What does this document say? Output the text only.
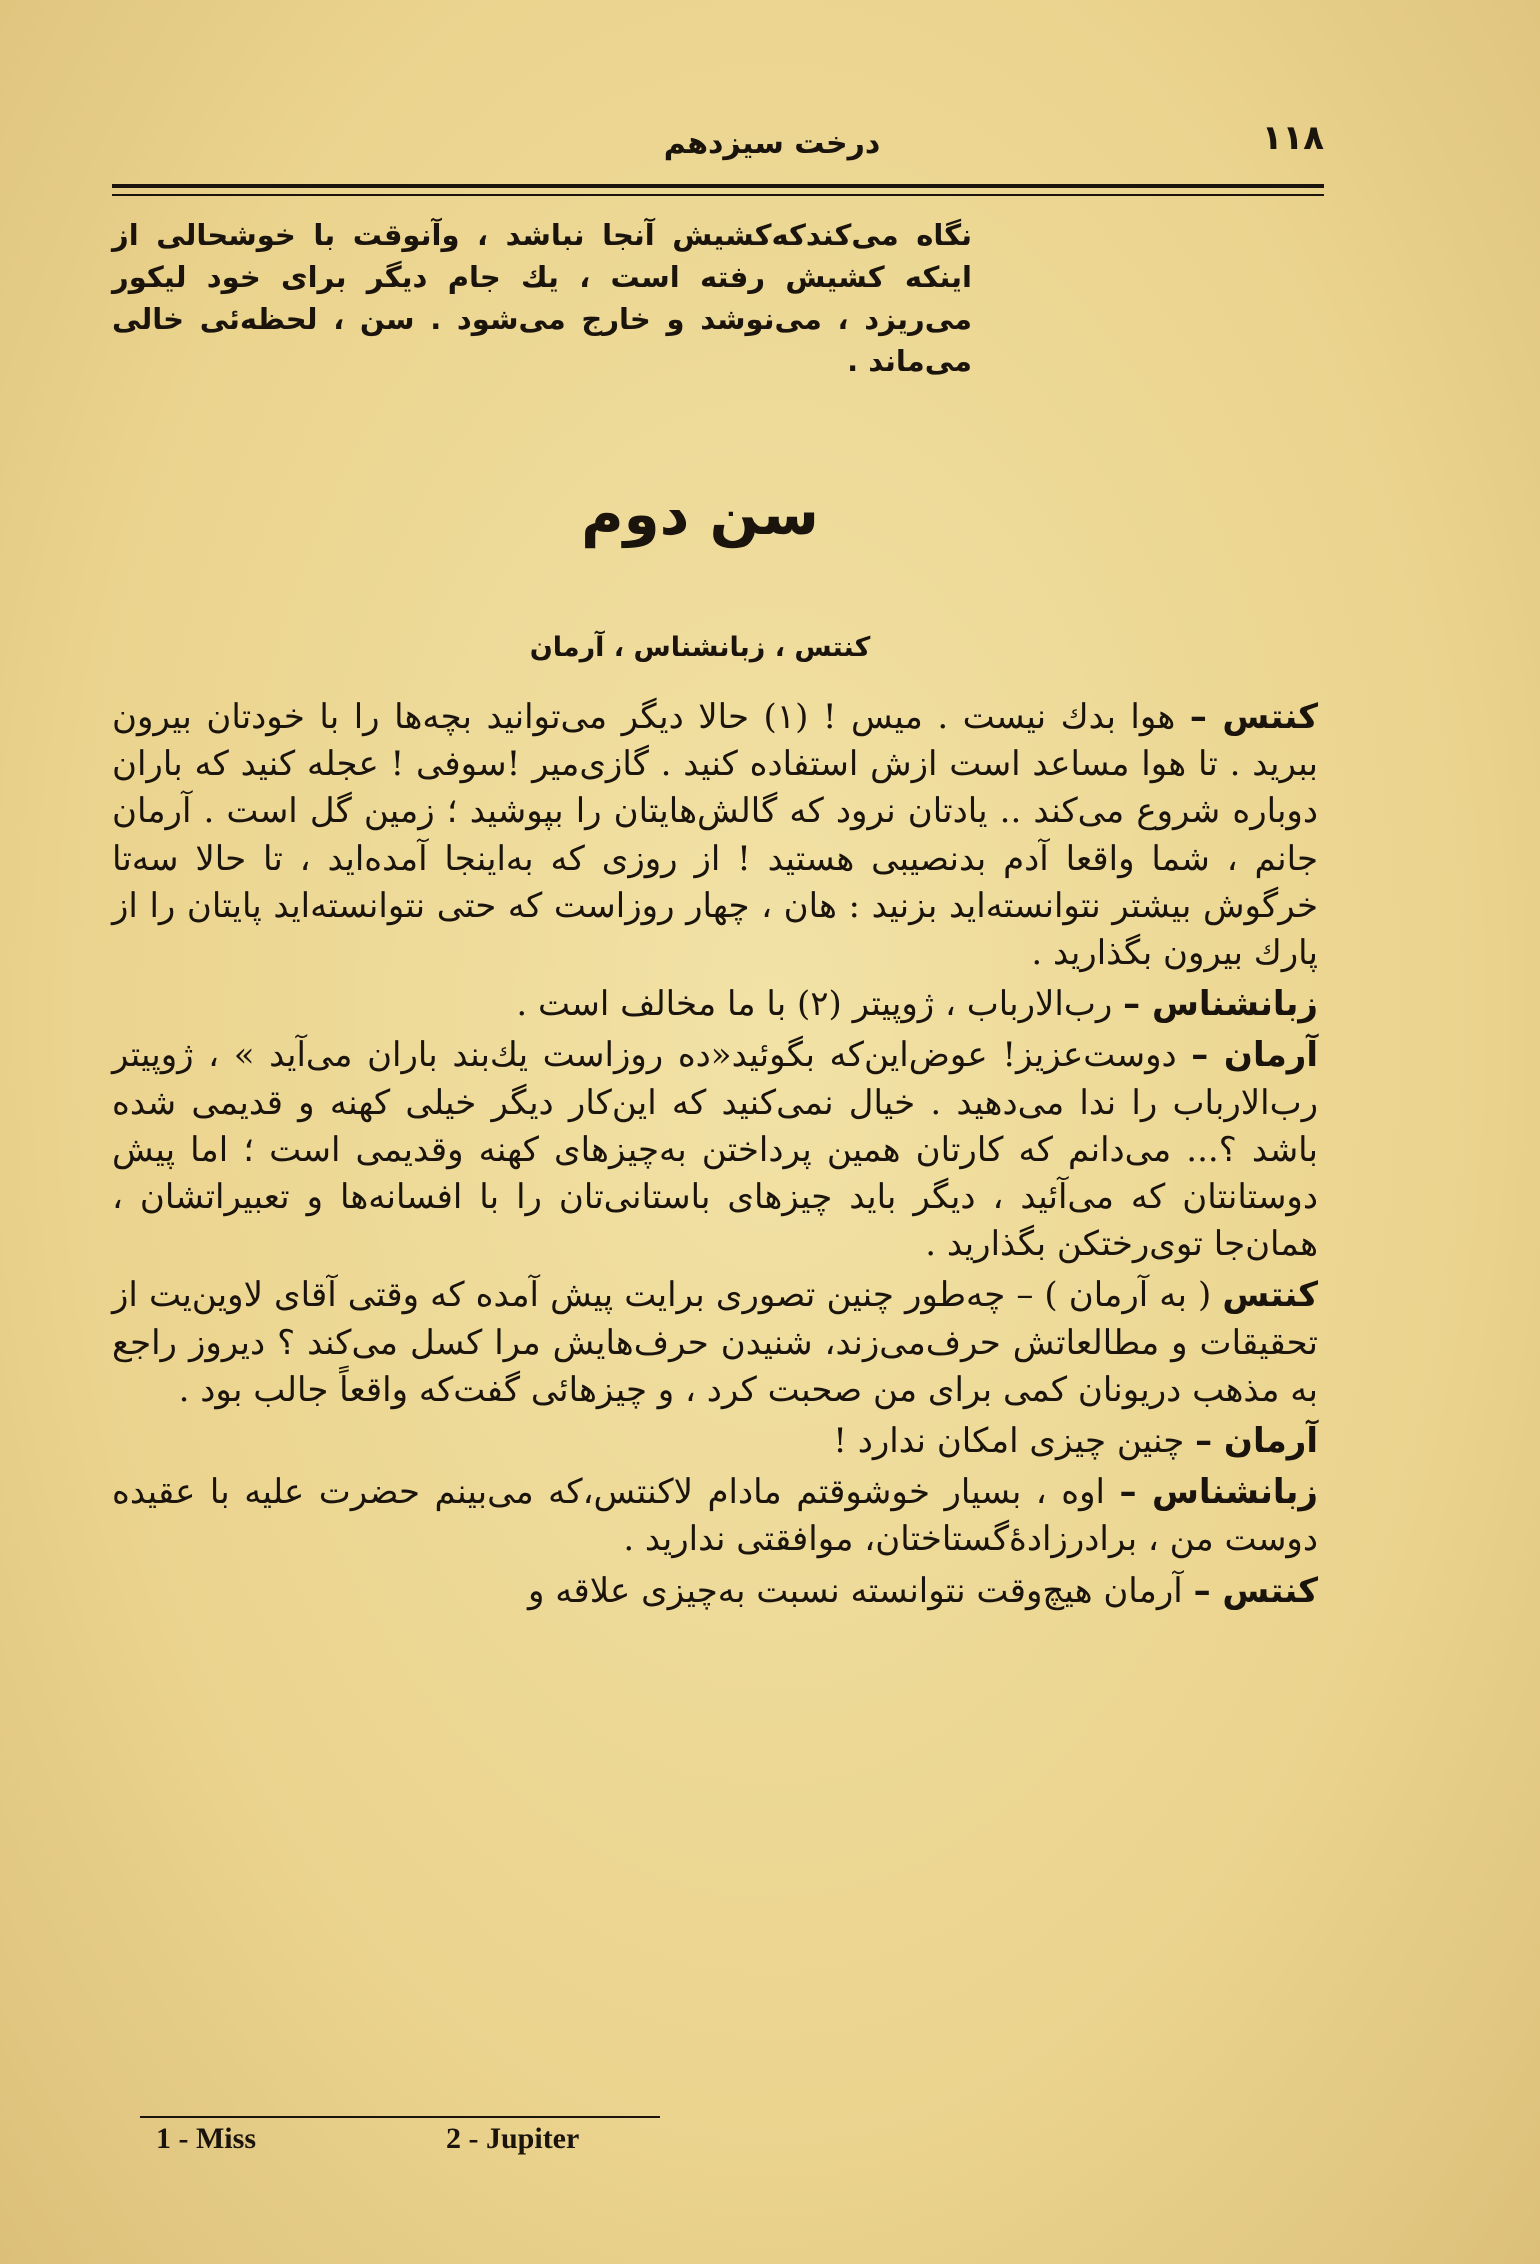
۱۱۸
درخت سیزدهم
نگاه می‌کندکه‌کشیش آنجا نباشد ، وآنوقت با خوشحالی از اینکه کشیش رفته است ، یك جام دیگر برای خود لیکور می‌ریزد ، می‌نوشد و خارج می‌شود . سن ، لحظه‌ئی خالی می‌ماند .
سن دوم
کنتس ، زبانشناس ، آرمان

کنتس – هوا بدك نیست . میس ! (۱) حالا دیگر می‌توانید بچه‌ها را با خودتان بیرون ببرید . تا هوا مساعد است ازش استفاده کنید . گازی‌میر !سوفی ! عجله کنید که باران دوباره شروع می‌کند .. یادتان نرود که گالش‌هایتان را بپوشید ؛ زمین گل است . آرمان جانم ، شما واقعا آدم بدنصیبی هستید ! از روزی که به‌اینجا آمده‌اید ، تا حالا سه‌تا خرگوش بیشتر نتوانسته‌اید بزنید : هان ، چهار روزاست که حتی نتوانسته‌اید پایتان را از پارك بیرون بگذارید .

زبانشناس – رب‌الارباب ، ژوپیتر (۲) با ما مخالف است .

آرمان – دوست‌عزیز! عوض‌این‌که بگوئید«ده روزاست یك‌بند باران می‌آید » ، ژوپیتر رب‌الارباب را ندا می‌دهید . خیال نمی‌کنید که این‌کار دیگر خیلی کهنه و قدیمی شده باشد ؟... می‌دانم که کارتان همین پرداختن به‌چیزهای کهنه وقدیمی است ؛ اما پیش دوستانتان که می‌آئید ، دیگر باید چیزهای باستانی‌تان را با افسانه‌ها و تعبیراتشان ، همان‌جا توی‌رختکن بگذارید .

کنتس ( به آرمان ) – چه‌طور چنین تصوری برایت پیش آمده که وقتی آقای لاوین‌یت از تحقیقات و مطالعاتش حرف‌می‌زند، شنیدن حرف‌هایش مرا کسل می‌کند ؟ دیروز راجع به مذهب دریونان کمی برای من صحبت کرد ، و چیزهائی گفت‌که واقعاً جالب بود .

آرمان – چنین چیزی امکان ندارد !

زبانشناس – اوه ، بسیار خوشوقتم مادام لاکنتس،که می‌بینم حضرت علیه با عقیده دوست من ، برادرزادهٔ‌گستاختان، موافقتی ندارید .

کنتس – آرمان هیچ‌وقت نتوانسته نسبت به‌چیزی علاقه و

1 - Miss	2 - Jupiter
